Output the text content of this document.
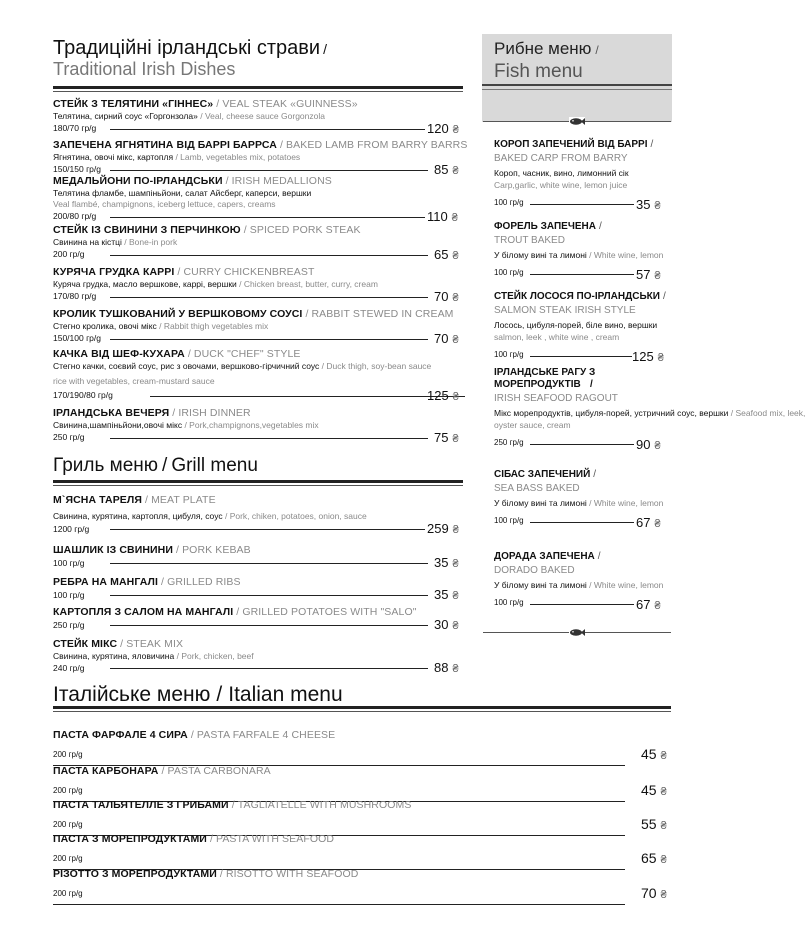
Традиційні ірландські страви /
Traditional Irish Dishes
СТЕЙК З ТЕЛЯТИНИ «ГІННЕС» / VEAL STEAK «GUINNESS»
Телятина, сирний соус «Горгонзола» / Veal, cheese sauce Gorgonzola
180/70 гр/g	120 ₴
ЗАПЕЧЕНА ЯГНЯТИНА ВІД БАРРІ БАРРСА / BAKED LAMB FROM BARRY BARRS
Ягнятина, овочі мікс, картопля / Lamb, vegetables mix, potatoes
150/150 гр/g	85 ₴
МЕДАЛЬЙОНИ ПО-ІРЛАНДСЬКИ / IRISH MEDALLIONS
Телятина фламбе, шампіньйони, салат Айсберг, каперси, вершки
Veal flambé, champignons, iceberg lettuce, capers, creams
200/80 гр/g	110 ₴
СТЕЙК ІЗ СВИНИНИ З ПЕРЧИНКОЮ / SPICED PORK STEAK
Свинина на кістці / Bone-in pork
200 гр/g	65 ₴
КУРЯЧА ГРУДКА КАРРІ / CURRY CHICKENBREAST
Куряча грудка, масло вершкове, каррі, вершки / Chicken breast, butter, curry, cream
170/80 гр/g	70 ₴
КРОЛИК ТУШКОВАНИЙ У ВЕРШКОВОМУ СОУСІ / RABBIT STEWED IN CREAM
Стегно кролика, овочі мікс / Rabbit thigh vegetables mix
150/100 гр/g	70 ₴
КАЧКА ВІД ШЕФ-КУХАРА / DUCK "CHEF" STYLE
Стегно качки, соєвий соус, рис з овочами, вершково-гірчичний соус / Duck thigh, soy-bean sauce
rice with vegetables, cream-mustard sauce
170/190/80 гр/g	125 ₴
ІРЛАНДСЬКА ВЕЧЕРЯ / IRISH DINNER
Свинина,шампіньйони,овочі мікс / Pork,champignons,vegetables mix
250 гр/g	75 ₴
Гриль меню / Grill menu
М`ЯСНА ТАРЕЛЯ / MEAT PLATE
Свинина, курятина, картопля, цибуля, соус / Pork, chiken, potatoes, onion, sauce
1200 гр/g	259 ₴
ШАШЛИК ІЗ СВИНИНИ / PORK KEBAB
100 гр/g	35 ₴
РЕБРА НА МАНГАЛІ / GRILLED RIBS
100 гр/g	35 ₴
КАРТОПЛЯ З САЛОМ НА МАНГАЛІ / GRILLED POTATOES WITH "SALO"
250 гр/g	30 ₴
СТЕЙК МІКС / STEAK MIX
Свинина, курятина, яловичина / Pork, chicken, beef
240 гр/g	88 ₴
Рибне меню /
Fish menu
КОРОП ЗАПЕЧЕНИЙ ВІД БАРРІ /
BAKED CARP FROM BARRY
Короп, часник, вино, лимонний сік
Carp,garlic, white wine, lemon juice
100 гр/g	35 ₴
ФОРЕЛЬ ЗАПЕЧЕНА /
TROUT BAKED
У білому вині та лимоні / White wine, lemon
100 гр/g	57 ₴
СТЕЙК ЛОСОСЯ ПО-ІРЛАНДСЬКИ /
SALMON STEAK IRISH STYLE
Лосось, цибуля-порей, біле вино, вершки
salmon, leek , white wine , cream
100 гр/g	125 ₴
ІРЛАНДСЬКЕ РАГУ З МОРЕПРОДУКТІВ /
IRISH SEAFOOD RAGOUT
Мікс морепродуктів, цибуля-порей, устричний соус, вершки / Seafood mix, leek,
oyster sauce, cream
250 гр/g	90 ₴
СІБАС ЗАПЕЧЕНИЙ /
SEA BASS BAKED
У білому вині та лимоні / White wine, lemon
100 гр/g	67 ₴
ДОРАДА ЗАПЕЧЕНА /
DORADO BAKED
У білому вині та лимоні / White wine, lemon
100 гр/g	67 ₴
Італійське меню / Italian menu
ПАСТА ФАРФАЛЕ 4 СИРА / PASTA FARFALE 4 CHEESE
200 гр/g	45 ₴
ПАСТА КАРБОНАРА / PASTA CARBONARA
200 гр/g	45 ₴
ПАСТА ТАЛЬЯТЕЛЛЕ З ГРИБАМИ / TAGLIATELLE WITH MUSHROOMS
200 гр/g	55 ₴
ПАСТА З МОРЕПРОДУКТАМИ / PASTA WITH SEAFOOD
200 гр/g	65 ₴
РІЗОТТО З МОРЕПРОДУКТАМИ / RISOTTO WITH SEAFOOD
200 гр/g	70 ₴
